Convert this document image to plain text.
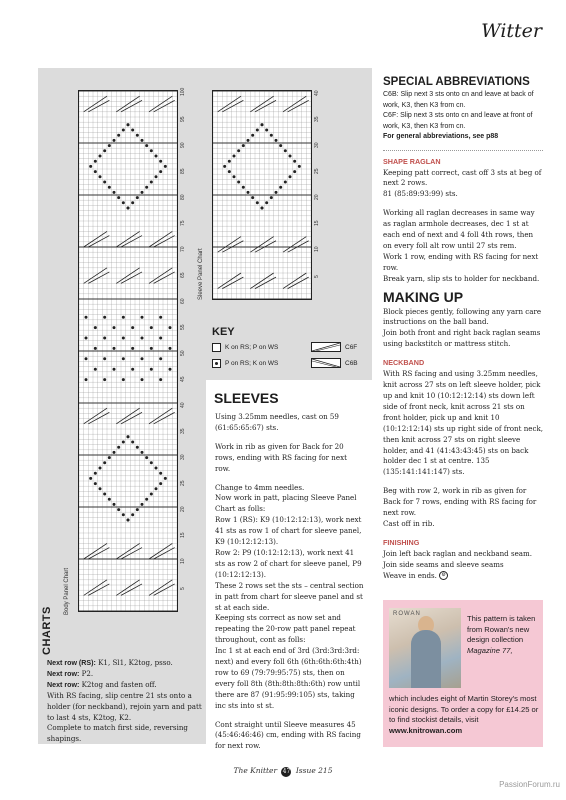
Witter
CHARTS
Body Panel Chart
Sleeve Panel Chart
KEY
K on RS; P on WS	C6F
P on RS; K on WS	C6B
SLEEVES

Using 3.25mm needles, cast on 59 (61:65:65:67) sts.

Work in rib as given for Back for 20 rows, ending with RS facing for next row.

Change to 4mm needles.

Now work in patt, placing Sleeve Panel Chart as folls:

Row 1 (RS): K9 (10:12:12:13), work next 41 sts as row 1 of chart for sleeve panel, K9 (10:12:12:13).

Row 2: P9 (10:12:12:13), work next 41 sts as row 2 of chart for sleeve panel, P9 (10:12:12:13).

These 2 rows set the sts – central section in patt from chart for sleeve panel and st st at each side.

Keeping sts correct as now set and repeating the 20-row patt panel repeat throughout, cont as folls:

Inc 1 st at each end of 3rd (3rd:3rd:3rd: next) and every foll 6th (6th:6th:6th:4th) row to 69 (79:79:95:75) sts, then on every foll 8th (8th:8th:8th:6th) row until there are 87 (91:95:99:105) sts, taking inc sts into st st.

Cont straight until Sleeve measures 45 (45:46:46:46) cm, ending with RS facing for next row.

SPECIAL ABBREVIATIONS

C6B: Slip next 3 sts onto cn and leave at back of work, K3, then K3 from cn.

C6F: Slip next 3 sts onto cn and leave at front of work, K3, then K3 from cn.

For general abbreviations, see p88

SHAPE RAGLAN

Keeping patt correct, cast off 3 sts at beg of next 2 rows.

81 (85:89:93:99) sts.

Working all raglan decreases in same way as raglan armhole decreases, dec 1 st at each end of next and 4 foll 4th rows, then on every foll alt row until 27 sts rem.

Work 1 row, ending with RS facing for next row.

Break yarn, slip sts to holder for neckband.

MAKING UP

Block pieces gently, following any yarn care instructions on the ball band.

Join both front and right back raglan seams using backstitch or mattress stitch.

NECKBAND

With RS facing and using 3.25mm needles, knit across 27 sts on left sleeve holder, pick up and knit 10 (10:12:12:14) sts down left side of front neck, knit across 21 sts on front holder, pick up and knit 10 (10:12:12:14) sts up right side of front neck, then knit across 27 sts on right sleeve holder, and 41 (41:43:43:45) sts on back holder dec 1 st at centre. 135 (135:141:141:147) sts.

Beg with row 2, work in rib as given for Back for 7 rows, ending with RS facing for next row.

Cast off in rib.

FINISHING

Join left back raglan and neckband seam.

Join side seams and sleeve seams

Weave in ends. ⚙

ROWAN	This pattern is taken from Rowan's new design collection Magazine 77,

which includes eight of Martin Storey's most iconic designs. To order a copy for £14.25 or to find stockist details, visit www.knitrowan.com

Next row (RS): K1, Sl1, K2tog, psso.

Next row: P2.

Next row: K2tog and fasten off.

With RS facing, slip centre 21 sts onto a holder (for neckband), rejoin yarn and patt to last 4 sts, K2tog, K2.

Complete to match first side, reversing shapings.

The Knitter 47 Issue 215
PassionForum.ru
5
10
15
20
25
30
35
40
45
50
55
60
65
70
75
80
85
90
95
100
5
10
15
20
25
30
35
40
